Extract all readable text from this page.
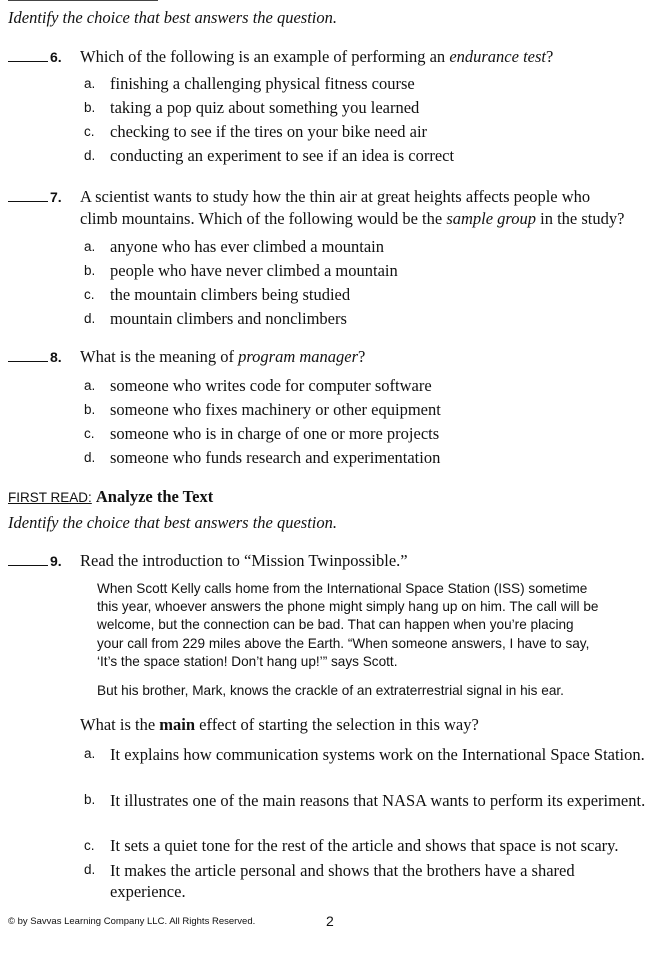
Identify the choice that best answers the question.
6. Which of the following is an example of performing an endurance test?
a. finishing a challenging physical fitness course
b. taking a pop quiz about something you learned
c. checking to see if the tires on your bike need air
d. conducting an experiment to see if an idea is correct
7. A scientist wants to study how the thin air at great heights affects people who
climb mountains. Which of the following would be the sample group in the study?
a. anyone who has ever climbed a mountain
b. people who have never climbed a mountain
c. the mountain climbers being studied
d. mountain climbers and nonclimbers
8. What is the meaning of program manager?
a. someone who writes code for computer software
b. someone who fixes machinery or other equipment
c. someone who is in charge of one or more projects
d. someone who funds research and experimentation
FIRST READ: Analyze the Text
Identify the choice that best answers the question.
9. Read the introduction to “Mission Twinpossible.”
When Scott Kelly calls home from the International Space Station (ISS) sometime
this year, whoever answers the phone might simply hang up on him. The call will be
welcome, but the connection can be bad. That can happen when you’re placing
your call from 229 miles above the Earth. “When someone answers, I have to say,
‘It’s the space station! Don’t hang up!’” says Scott.
But his brother, Mark, knows the crackle of an extraterrestrial signal in his ear.
What is the main effect of starting the selection in this way?
a. It explains how communication systems work on the International Space Station.
b. It illustrates one of the main reasons that NASA wants to perform its experiment.
c. It sets a quiet tone for the rest of the article and shows that space is not scary.
d. It makes the article personal and shows that the brothers have a shared experience.
© by Savvas Learning Company LLC. All Rights Reserved.	2
